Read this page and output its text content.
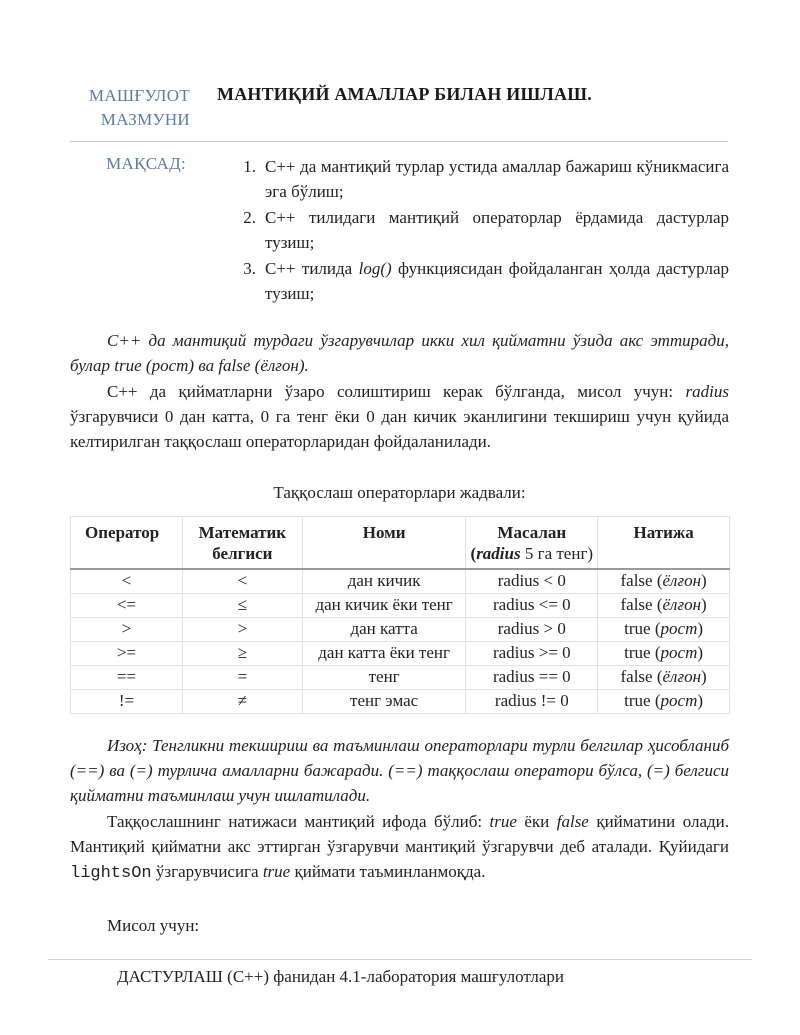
МАШҒУЛОТ
МАЗМУНИ
МАНТИҚИЙ АМАЛЛАР БИЛАН ИШЛАШ.
МАҚСАД:	1. C++ да мантиқий турлар устида амаллар бажариш кўникмасига эга бўлиш;
2. C++ тилидаги мантиқий операторлар ёрдамида дастурлар тузиш;
3. C++ тилида log() функциясидан фойдаланган ҳолда дастурлар тузиш;

C++ да мантиқий турдаги ўзгарувчилар икки хил қийматни ўзида акс эттиради, булар true (рост) ва false (ёлғон).

C++ да қийматларни ўзаро солиштириш керак бўлганда, мисол учун: radius ўзгарувчиси 0 дан катта, 0 га тенг ёки 0 дан кичик эканлигини текшириш учун қуйида келтирилган таққослаш операторларидан фойдаланилади.

Таққослаш операторлари жадвали:
Оператор	Математик белгиси	Номи	Масалан (radius 5 га тенг)	Натижа
<	<	дан кичик	radius < 0	false (ёлғон)
<=	≤	дан кичик ёки тенг	radius <= 0	false (ёлғон)
>	>	дан катта	radius > 0	true (рост)
>=	≥	дан катта ёки тенг	radius >= 0	true (рост)
==	=	тенг	radius == 0	false (ёлғон)
!=	≠	тенг эмас	radius != 0	true (рост)

Изоҳ: Тенгликни текшириш ва таъминлаш операторлари турли белгилар ҳисобланиб (==) ва (=) турлича амалларни бажаради. (==) таққослаш оператори бўлса, (=) белгиси қийматни таъминлаш учун ишлатилади.

Таққослашнинг натижаси мантиқий ифода бўлиб: true ёки false қийматини олади. Мантиқий қийматни акс эттирган ўзгарувчи мантиқий ўзгарувчи деб аталади. Қуйидаги lightsOn ўзгарувчисига true қиймати таъминланмоқда.

Мисол учун:

ДАСТУРЛАШ (C++) фанидан 4.1-лаборатория машғулотлари
